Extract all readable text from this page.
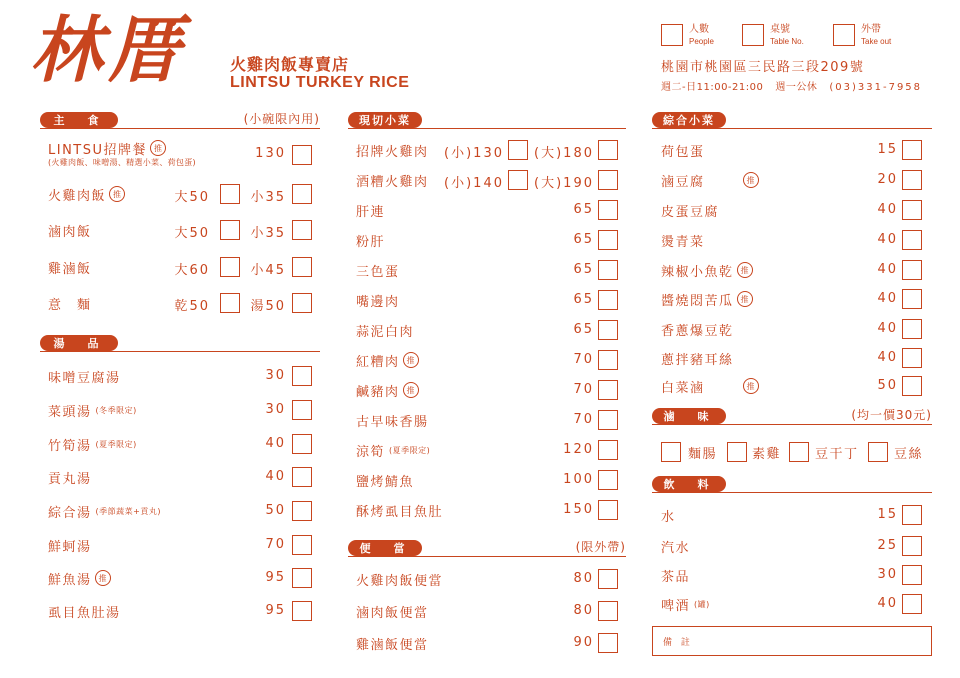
林厝	火雞肉飯專賣店
LINTSU TURKEY RICE
人數
People
桌號
Table No.
外帶
Take out
桃園市桃園區三民路三段209號
週二-日11:00-21:00 週一公休 (03)331-7958
主　食	(小碗限內用)
LINTSU招牌餐 推
(火雞肉飯、味噌湯、精選小菜、荷包蛋)
130
火雞肉飯 推	大50	小35
滷肉飯	大50	小35
雞滷飯	大60	小45
意　麵	乾50	湯50
湯　品
味噌豆腐湯	30
菜頭湯 (冬季限定)	30
竹筍湯 (夏季限定)	40
貢丸湯	40
綜合湯 (季節蔬菜+貢丸)	50
鮮蚵湯	70
鮮魚湯 推	95
虱目魚肚湯	95
現切小菜
招牌火雞肉	(小)130	(大)180
酒糟火雞肉	(小)140	(大)190
肝連	65
粉肝	65
三色蛋	65
嘴邊肉	65
蒜泥白肉	65
紅糟肉 推	70
鹹豬肉 推	70
古早味香腸	70
涼筍 (夏季限定)	120
鹽烤鯖魚	100
酥烤虱目魚肚	150
便　當	(限外帶)
火雞肉飯便當	80
滷肉飯便當	80
雞滷飯便當	90
綜合小菜
荷包蛋	15
滷豆腐	推	20
皮蛋豆腐	40
燙青菜	40
辣椒小魚乾 推	40
醬燒悶苦瓜 推	40
香蔥爆豆乾	40
蔥拌豬耳絲	40
白菜滷	推	50
滷　味	(均一價30元)
麵腸	素雞	豆干丁	豆絲
飲　料
水	15
汽水	25
茶品	30
啤酒 (罐)	40
備 註
